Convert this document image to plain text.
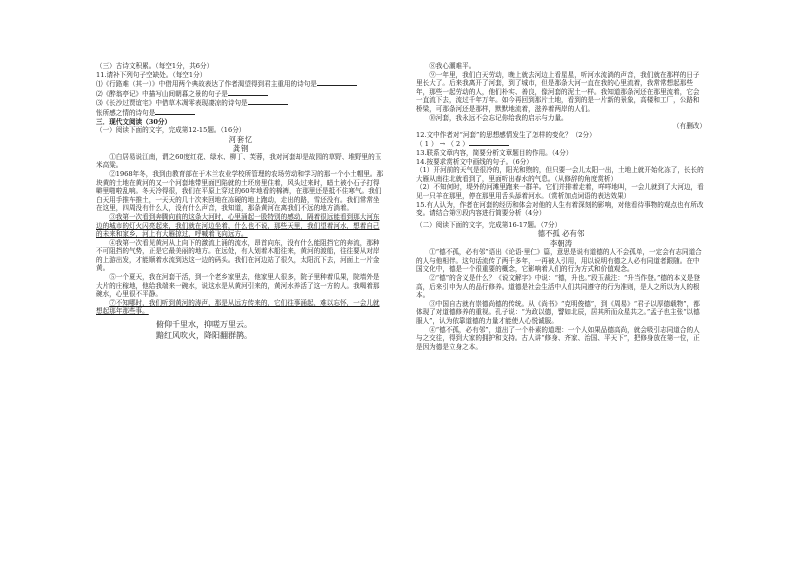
（三）古诗文积累。（每空1分，共6分）
11.请补下列句子空缺处。（每空1分）
⑴《行路难（其一）》中借用两个典故表达了作者渴望得到君主重用的诗句是
⑵《醉翁亭记》中描写山间朝暮之景的句子是
⑶《长沙过贾谊宅》中借草木凋零表现凄凉的诗句是
怅所感之情的诗句是
三．现代文阅读（30分）
（一）阅读下面的文字，完成第12-15题。（16分）
河套忆
龚钢
①白居易说江南，谓之60度红花、绿水、柳丁、芙蓉，我对河套却是故园的草野、堆野里的玉米高粱。
②1968年冬，我到由教育部在于木兰农业学校所管理的农场劳动和学习的那一个小土帽里。那块黄的土地在黄河的又一个河套地带里面凹陷就的土坯房里住着，风头过来时，暗土被小石子打得噼里啪啦乱响。冬天冷得很，我们在平原上穿过的60年地看的棉裤，在那里还是抵不住寒气。我们白天用手推车推土，一天天的几十次来回地在冻硬的地上跑动，走出的路，雪还没有。我们常常坐在这里，四周没有什么人，没有什么声音，我知道，那条黄河在离我们不远的地方淌着。
③我第一次看到奔腾向前的这条大河时，心里涌起一股特别的感动，隔着很远能看到那大河东边的城市的灯火闪亮起来，我们就在河边坐着，什么也不说，那些天里，我们望着河水，想着自己的未来和家乡，河上有大雁掠过，呼喊着飞向远方。
④我第一次看见黄河从上向下的激流上涌的流水，昂首向东，没有什么能阻挡它的奔流，那种不可阻挡的气势，正是它最美丽的地方。在远处，有人划着木船往来，黄河的渡船，往往要从对岸的上游出发，才能顺着水流到达这一边的码头。我们在河边站了很久，太阳沉下去，河面上一片金黄。
⑤一个夏天，我在河套干活，到一个老乡家里去，他家里人很多，院子里种着瓜果，院墙外是大片的庄稼地，他给我端来一碗水，说这水是从黄河引来的，黄河水养活了这一方的人。我喝着那碗水，心里很不平静。
⑦不知哪时，我们听到黄河的涛声，那是从远方传来的，它们往事涌起，难以忘怀，一会儿就想起那年那些事。
俯仰千里水，抑嗟万里云。
黯红风吹火，降阳翻群鹊。
⑧我心潮难平。
⑨一年里，我们白天劳动，晚上就去河边上看星星，听河水流淌的声音，我们就在那样的日子里长大了。后来我离开了河套，到了城市，但是那条大河一直在我的心里流着，我常常想起那些年，那些一起劳动的人，他们朴实、善良，像河套的泥土一样。我知道那条河还在那里流着，它会一直流下去，流过千年万年。如今再回到那片土地，看到的是一片新的景象，高楼和工厂，公路和桥梁，可那条河还是那样，默默地流着，滋养着两岸的人们。
⑩河套，我永远不会忘记你给我的启示与力量。
（有删改）
12.文中作者对“河套”的思想感情发生了怎样的变化？（2分）
（ 1 ） → （ 2 ）
13.联系文章内容，简要分析文章题目的作用。（4分）
14.按要求赏析文中画线的句子。（6分）
（1）开河前的天气是很冷的，阳光和煦的，但只要一会儿太阳一出，土地上就开始化冻了，长长的大雁从南往北就看到了，里面听出春水的气息。（从修辞的角度赏析）
（2）不知何时，堤外的河滩里跑来一群羊。它们并排着走着，咩咩地叫，一会儿就到了大河边，看见一只羊在那里，停在那里用舌头舔着河水。（赏析加点词语的表达效果）
15.有人认为，作者在河套的经历和体会对他的人生有着深刻的影响，对他看待事物的观点也有所改变。请结合第⑨段内容进行简要分析（4分）
（二）阅读下面的文字，完成第16-17题。（7分）
德不孤 必有邻
李朝涛
①“德不孤，必有邻”语出《论语·里仁》篇，意思是说有道德的人不会孤单，一定会有志同道合的人与他相伴。这句话流传了两千多年，一再被人引用，用以说明有德之人必有同道者跟随。在中国文化中，德是一个很重要的概念，它影响着人们的行为方式和价值观念。
②“德”的含义是什么？《说文解字》中说：“德，升也。”段玉裁注：“升当作登。”德的本义是登高，后来引申为人的品行修养。道德是社会生活中人们共同遵守的行为准则，是人之所以为人的根本。
③中国自古就有崇德尚德的传统。从《尚书》“克明俊德”，到《周易》“君子以厚德载物”，都体现了对道德修养的重视。孔子说：“为政以德，譬如北辰，居其所而众星共之。”孟子也主张“以德服人”，认为依靠道德的力量才能使人心悦诚服。
④“德不孤，必有邻”，道出了一个朴素的道理：一个人如果品德高尚，就会吸引志同道合的人与之交往，得到大家的拥护和支持。古人讲“修身、齐家、治国、平天下”，把修身放在第一位，正是因为德是立身之本。
